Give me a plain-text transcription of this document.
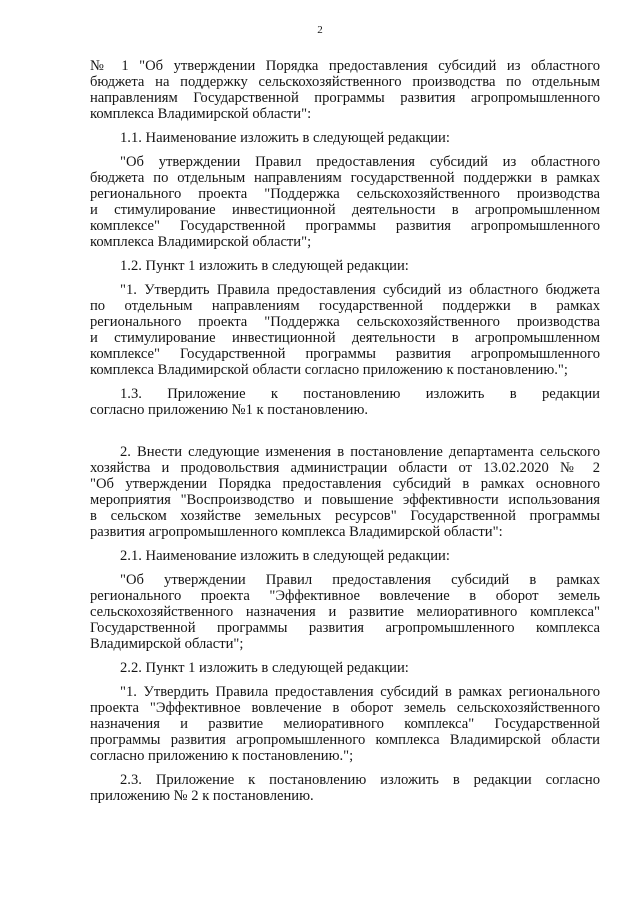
2
№ 1 "Об утверждении Порядка предоставления субсидий из областного
бюджета на поддержку сельскохозяйственного производства по отдельным
направлениям Государственной программы развития агропромышленного
комплекса Владимирской области":
1.1. Наименование изложить в следующей редакции:
"Об утверждении Правил предоставления субсидий из областного
бюджета по отдельным направлениям государственной поддержки в рамках
регионального проекта "Поддержка сельскохозяйственного производства
и стимулирование инвестиционной деятельности в агропромышленном
комплексе" Государственной программы развития агропромышленного
комплекса Владимирской области";
1.2. Пункт 1 изложить в следующей редакции:
"1. Утвердить Правила предоставления субсидий из областного бюджета
по отдельным направлениям государственной поддержки в рамках
регионального проекта "Поддержка сельскохозяйственного производства
и стимулирование инвестиционной деятельности в агропромышленном
комплексе" Государственной программы развития агропромышленного
комплекса Владимирской области согласно приложению к постановлению.";
1.3. Приложение к постановлению изложить в редакции
согласно приложению №1 к постановлению.
2. Внести следующие изменения в постановление департамента сельского
хозяйства и продовольствия администрации области от 13.02.2020 № 2
"Об утверждении Порядка предоставления субсидий в рамках основного
мероприятия "Воспроизводство и повышение эффективности использования
в сельском хозяйстве земельных ресурсов" Государственной программы
развития агропромышленного комплекса Владимирской области":
2.1. Наименование изложить в следующей редакции:
"Об утверждении Правил предоставления субсидий в рамках
регионального проекта "Эффективное вовлечение в оборот земель
сельскохозяйственного назначения и развитие мелиоративного комплекса"
Государственной программы развития агропромышленного комплекса
Владимирской области";
2.2. Пункт 1 изложить в следующей редакции:
"1. Утвердить Правила предоставления субсидий в рамках регионального
проекта "Эффективное вовлечение в оборот земель сельскохозяйственного
назначения и развитие мелиоративного комплекса" Государственной
программы развития агропромышленного комплекса Владимирской области
согласно приложению к постановлению.";
2.3. Приложение к постановлению изложить в редакции согласно
приложению № 2 к постановлению.
